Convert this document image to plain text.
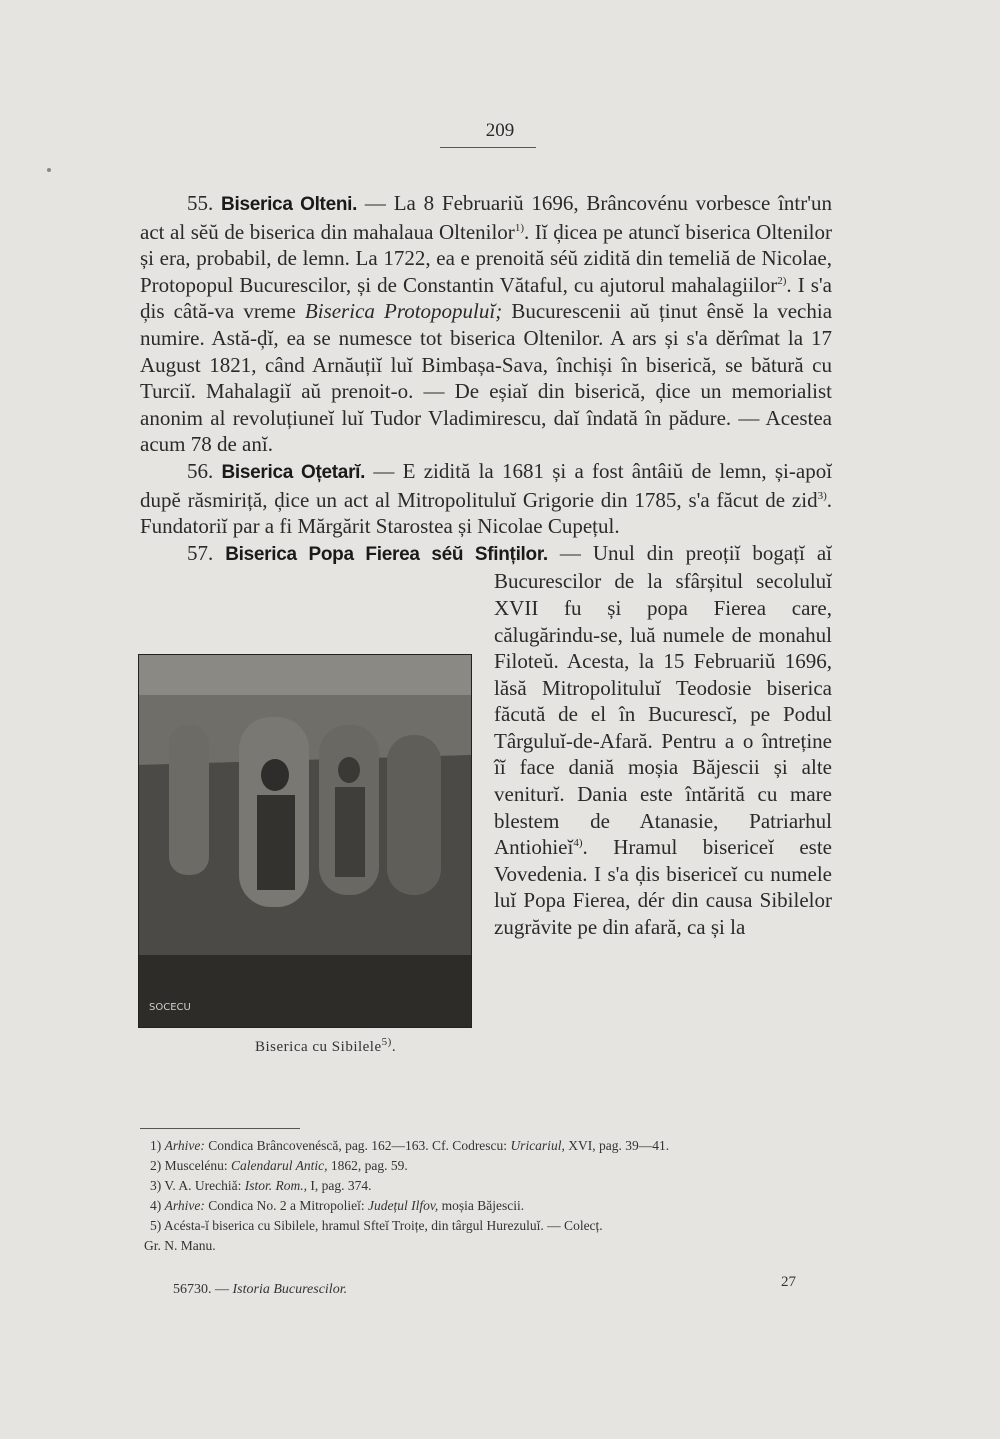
209

55. Biserica Olteni. — La 8 Februariŭ 1696, Brâncovénu vorbesce într'un act al sĕŭ de biserica din mahalaua Oltenilor$^{1)}$. Iĭ ḑicea pe atuncĭ biserica Oltenilor și era, probabil, de lemn. La 1722, ea e prenoită séŭ zidită din temeliă de Nicolae, Protopopul Bucurescilor, și de Constantin Vătaful, cu ajutorul mahalagiilor$^{2)}$. I s'a ḑis câtă-va vreme Biserica Protopopuluĭ; Bucurescenii aŭ ținut ênsĕ la vechia numire. Astă-ḑĭ, ea se numesce tot biserica Oltenilor. A ars și s'a dĕrîmat la 17 August 1821, când Arnăuțiĭ luĭ Bimbașa-Sava, închiși în biserică, se bătură cu Turciĭ. Mahalagiĭ aŭ prenoit-o. — De eșiaĭ din biserică, ḑice un memorialist anonim al revoluțiuneĭ luĭ Tudor Vladimirescu, daĭ îndată în pădure. — Acestea acum 78 de anĭ.

56. Biserica Oțetarĭ. — E zidită la 1681 și a fost ântâiŭ de lemn, și-apoĭ dupĕ răsmiriță, ḑice un act al Mitropolituluĭ Grigorie din 1785, s'a făcut de zid$^{3)}$. Fundatoriĭ par a fi Mărgărit Starostea și Nicolae Cupețul.

57. Biserica Popa Fierea séŭ Sfinților.
SOCECU
Biserica cu Sibilele$^{5)}$.
— Unul din preoțiĭ bogațĭ aĭ Bucurescilor de la sfârșitul secoluluĭ XVII fu și popa Fierea care, călugărindu-se, luă numele de monahul Filoteŭ. Acesta, la 15 Februariŭ 1696, lăsă Mitropolituluĭ Teodosie biserica făcută de el în Bucurescĭ, pe Podul Târguluĭ-de-Afară. Pentru a o întreține îĭ face daniă moșia Băjescii și alte veniturĭ. Dania este întărită cu mare blestem de Atanasie, Patriarhul Antiohieĭ$^{4)}$. Hramul bisericeĭ este Vovedenia. I s'a ḑis bisericeĭ cu numele luĭ Popa Fierea, dér din causa Sibilelor zugrăvite pe din afară, ca și la

1) Arhive: Condica Brâncovenéscă, pag. 162—163. Cf. Codrescu: Uricariul, XVI, pag. 39—41.
2) Muscelénu: Calendarul Antic, 1862, pag. 59.
3) V. A. Urechiă: Istor. Rom., I, pag. 374.
4) Arhive: Condica No. 2 a Mitropolieĭ: Județul Ilfov, moșia Băjescii.
5) Acésta-ĭ biserica cu Sibilele, hramul Sfteĭ Troițe, din târgul Hurezuluĭ. — Colecț.
Gr. N. Manu.
56730. — Istoria Bucurescilor.	27
